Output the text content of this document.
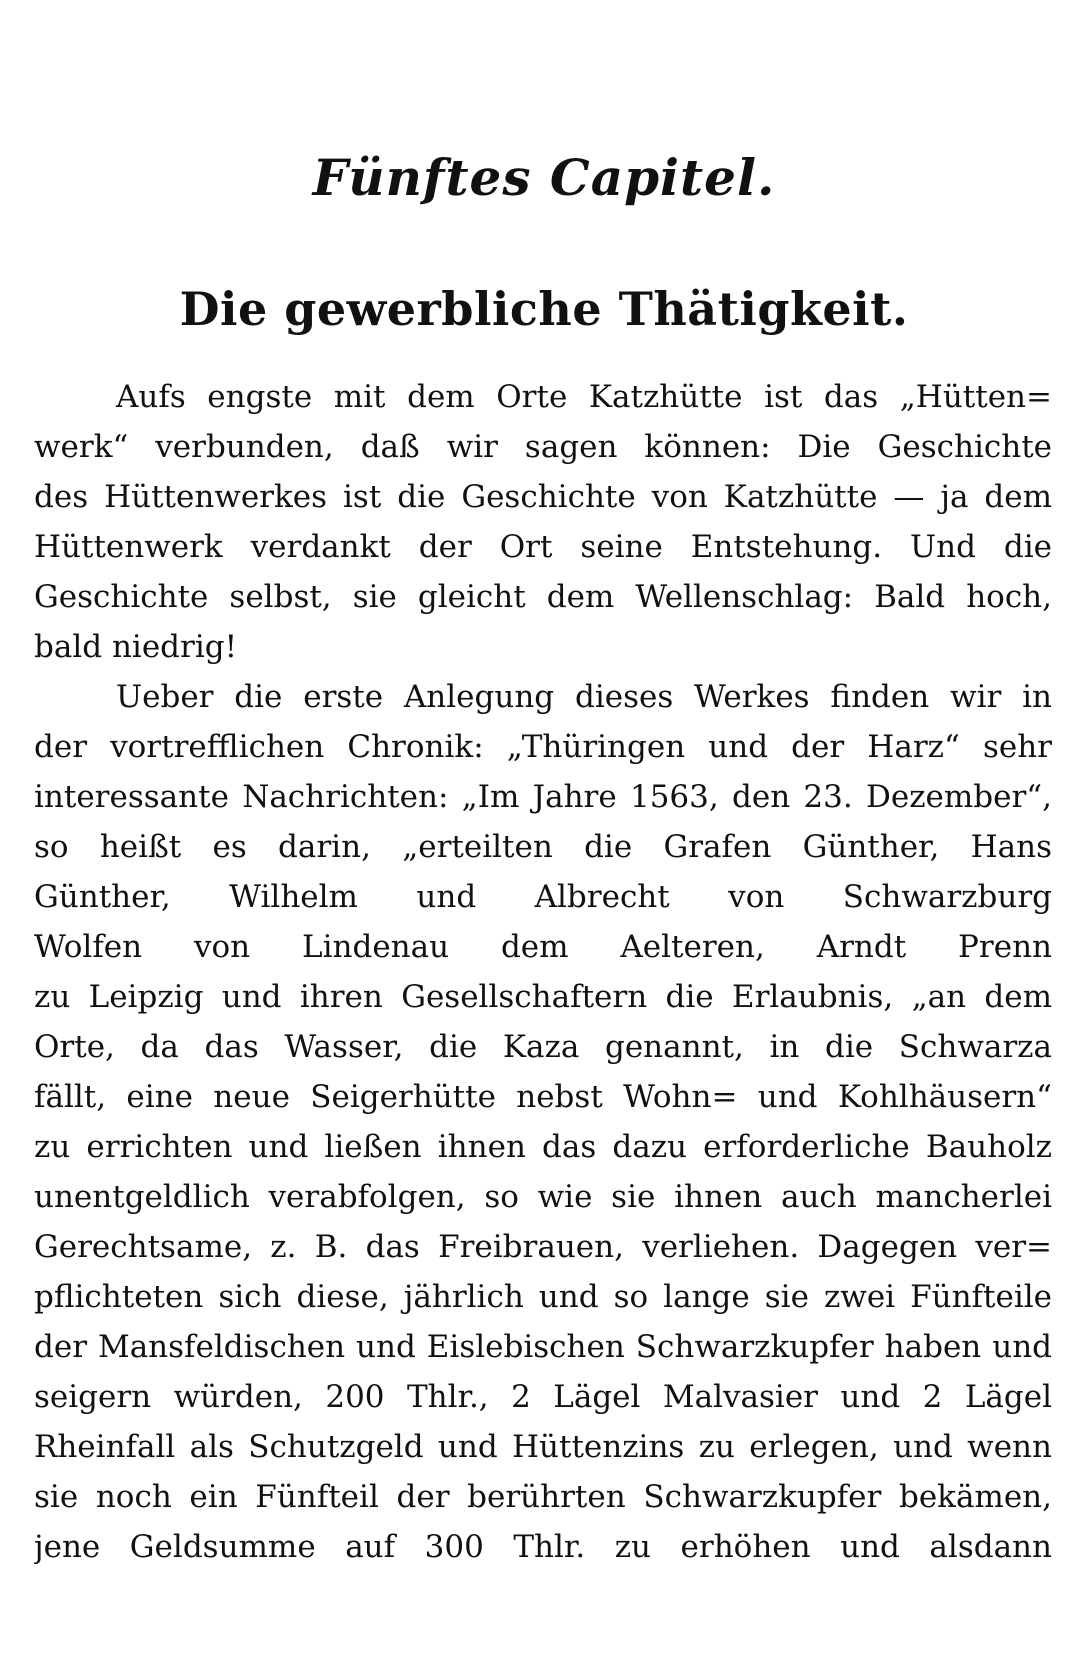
Fünftes Capitel.
Die gewerbliche Thätigkeit.
Aufs engste mit dem Orte Katzhütte ist das „Hütten=
werk“ verbunden, daß wir sagen können: Die Geschichte
des Hüttenwerkes ist die Geschichte von Katzhütte — ja dem
Hüttenwerk verdankt der Ort seine Entstehung. Und die
Geschichte selbst, sie gleicht dem Wellenschlag: Bald hoch,
bald niedrig!
Ueber die erste Anlegung dieses Werkes finden wir in
der vortrefflichen Chronik: „Thüringen und der Harz“ sehr
interessante Nachrichten: „Im Jahre 1563, den 23. Dezember“,
so heißt es darin, „erteilten die Grafen Günther, Hans
Günther, Wilhelm und Albrecht von Schwarzburg
Wolfen von Lindenau dem Aelteren, Arndt Prenn
zu Leipzig und ihren Gesellschaftern die Erlaubnis, „an dem
Orte, da das Wasser, die Kaza genannt, in die Schwarza
fällt, eine neue Seigerhütte nebst Wohn= und Kohlhäusern“
zu errichten und ließen ihnen das dazu erforderliche Bauholz
unentgeldlich verabfolgen, so wie sie ihnen auch mancherlei
Gerechtsame, z. B. das Freibrauen, verliehen. Dagegen ver=
pflichteten sich diese, jährlich und so lange sie zwei Fünfteile
der Mansfeldischen und Eislebischen Schwarzkupfer haben und
seigern würden, 200 Thlr., 2 Lägel Malvasier und 2 Lägel
Rheinfall als Schutzgeld und Hüttenzins zu erlegen, und wenn
sie noch ein Fünfteil der berührten Schwarzkupfer bekämen,
jene Geldsumme auf 300 Thlr. zu erhöhen und alsdann
